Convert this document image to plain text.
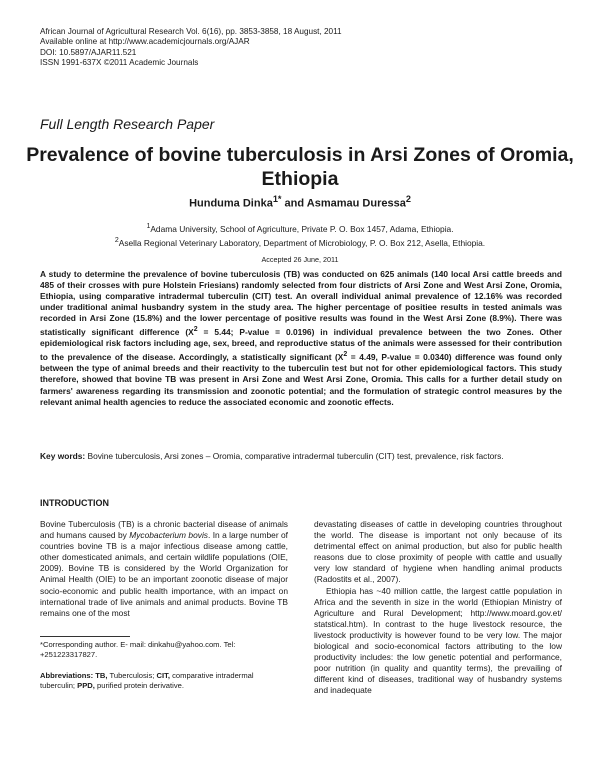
African Journal of Agricultural Research Vol. 6(16), pp. 3853-3858, 18 August, 2011
Available online at http://www.academicjournals.org/AJAR
DOI: 10.5897/AJAR11.521
ISSN 1991-637X ©2011 Academic Journals
Full Length Research Paper
Prevalence of bovine tuberculosis in Arsi Zones of Oromia, Ethiopia
Hunduma Dinka$^{1*}$ and Asmamau Duressa$^2$
$^1$Adama University, School of Agriculture, Private P. O. Box 1457, Adama, Ethiopia.
$^2$Asella Regional Veterinary Laboratory, Department of Microbiology, P. O. Box 212, Asella, Ethiopia.
Accepted 26 June, 2011
A study to determine the prevalence of bovine tuberculosis (TB) was conducted on 625 animals (140 local Arsi cattle breeds and 485 of their crosses with pure Holstein Friesians) randomly selected from four districts of Arsi Zone and West Arsi Zone, Oromia, Ethiopia, using comparative intradermal tuberculin (CIT) test. An overall individual animal prevalence of 12.16% was recorded under traditional animal husbandry system in the study area. The higher percentage of positiee results in tested animals was recorded in Arsi Zone (15.8%) and the lower percentage of positive results was found in the West Arsi Zone (8.9%). There was statistically significant difference ($X^2 = 5.44$; P-value = 0.0196) in individual prevalence between the two Zones. Other epidemiological risk factors including age, sex, breed, and reproductive status of the animals were assessed for their contribution to the prevalence of the disease. Accordingly, a statistically significant ($X^2 = 4.49$, P-value = 0.0340) difference was found only between the type of animal breeds and their reactivity to the tuberculin test but not for other epidemiological factors. This study therefore, showed that bovine TB was present in Arsi Zone and West Arsi Zone, Oromia. This calls for a further detail study on farmers' awareness regarding its transmission and zoonotic potential; and the formulation of strategic control measures by the relevant animal health agencies to reduce the associated economic and zoonotic effects.
Key words: Bovine tuberculosis, Arsi zones – Oromia, comparative intradermal tuberculin (CIT) test, prevalence, risk factors.
INTRODUCTION

Bovine Tuberculosis (TB) is a chronic bacterial disease of animals and humans caused by Mycobacterium bovis. In a large number of countries bovine TB is a major infectious disease among cattle, other domesticated animals, and certain wildlife populations (OIE, 2009). Bovine TB is considered by the World Organization for Animal Health (OIE) to be an important zoonotic disease of major socio-economic and public health importance, with an impact on international trade of live animals and animal products. Bovine TB remains one of the most

devastating diseases of cattle in developing countries throughout the world. The disease is important not only because of its detrimental effect on animal production, but also for public health reasons due to close proximity of people with cattle and usually very low standard of hygiene when handling animal products (Radostits et al., 2007).

Ethiopia has ~40 million cattle, the largest cattle population in Africa and the seventh in size in the world (Ethiopian Ministry of Agriculture and Rural Development; http://www.moard.gov.et/ statstical.htm). In contrast to the huge livestock resource, the livestock productivity is however found to be very low. The major biological and socio-economical factors attributing to the low productivity includes: the low genetic potential and performance, poor nutrition (in quality and quantity terms), the prevailing of different kind of diseases, traditional way of husbandry systems and inadequate

*Corresponding author. E- mail: dinkahu@yahoo.com. Tel: +251223317827.
Abbreviations: TB, Tuberculosis; CIT, comparative intradermal tuberculin; PPD, purified protein derivative.
